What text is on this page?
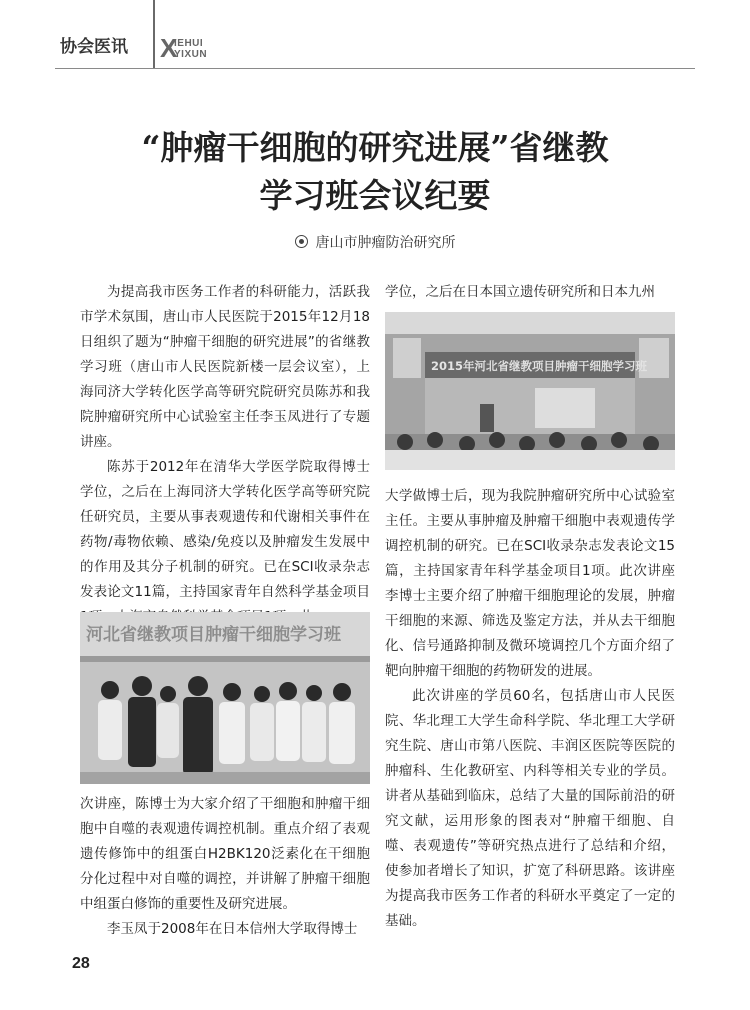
协会医讯 X
IEHUI
YIXUN
“肿瘤干细胞的研究进展”省继教
学习班会议纪要
唐山市肿瘤防治研究所

为提高我市医务工作者的科研能力，活跃我市学术氛围，唐山市人民医院于2015年12月18日组织了题为“肿瘤干细胞的研究进展”的省继教学习班（唐山市人民医院新楼一层会议室），上海同济大学转化医学高等研究院研究员陈苏和我院肿瘤研究所中心试验室主任李玉凤进行了专题讲座。

陈苏于2012年在清华大学医学院取得博士学位，之后在上海同济大学转化医学高等研究院任研究员，主要从事表观遗传和代谢相关事件在药物/毒物依赖、感染/免疫以及肿瘤发生发展中的作用及其分子机制的研究。已在SCI收录杂志发表论文11篇，主持国家青年自然科学基金项目

河北省继教项目肿瘤干细胞学习班

次讲座，陈博士为大家介绍了干细胞和肿瘤干细胞中自噬的表观遗传调控机制。重点介绍了表观遗传修饰中的组蛋白H2BK120泛素化在干细胞分化过程中对自噬的调控，并讲解了肿瘤干细胞中组蛋白修饰的重要性及研究进展。

李玉凤于2008年在日本信州大学取得博士

学位，之后在日本国立遗传研究所和日本九州

2015年河北省继教项目肿瘤干细胞学习班

大学做博士后，现为我院肿瘤研究所中心试验室主任。主要从事肿瘤及肿瘤干细胞中表观遗传学调控机制的研究。已在SCI收录杂志发表论文15篇，主持国家青年科学基金项目1项。此次讲座李博士主要介绍了肿瘤干细胞理论的发展，肿瘤干细胞的来源、筛选及鉴定方法，并从去干细胞化、信号通路抑制及微环境调控几个方面介绍了靶向肿瘤干细胞的药物研发的进展。

此次讲座的学员60名，包括唐山市人民医院、华北理工大学生命科学院、华北理工大学研究生院、唐山市第八医院、丰润区医院等医院的肿瘤科、生化教研室、内科等相关专业的学员。讲者从基础到临床，总结了大量的国际前沿的研究文献，运用形象的图表对“肿瘤干细胞、自噬、表观遗传”等研究热点进行了总结和介绍，使参加者增长了知识，扩宽了科研思路。该讲座为提高我市医务工作者的科研水平奠定了一定的基础。

28
